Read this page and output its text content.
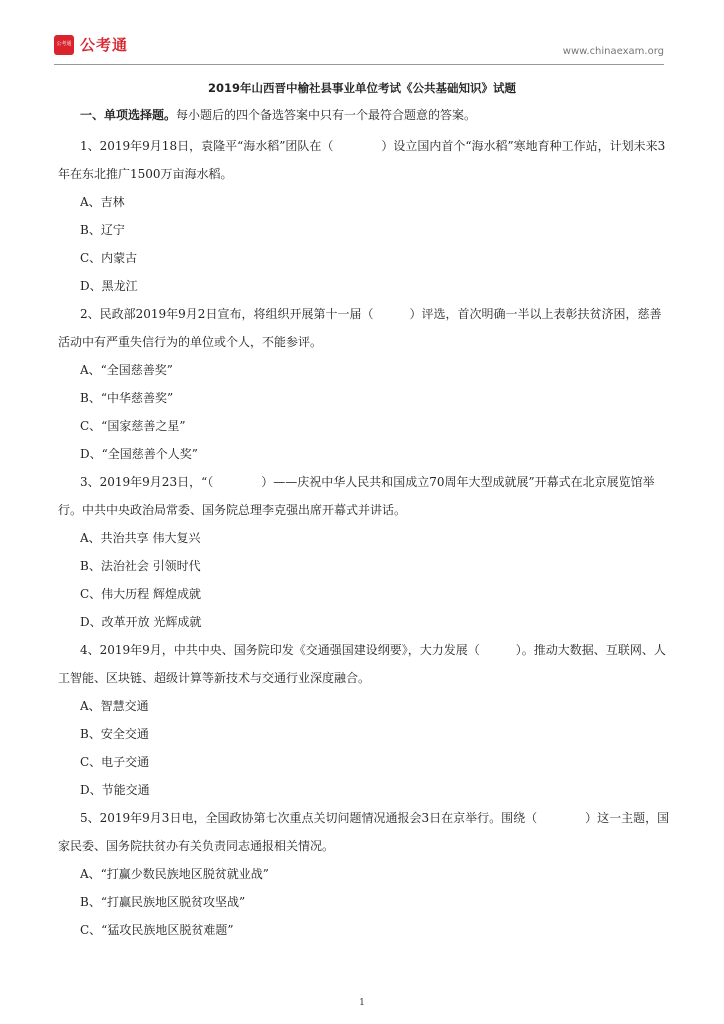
公考通 公考通	www.chinaexam.org
2019年山西晋中榆社县事业单位考试《公共基础知识》试题

一、单项选择题。每小题后的四个备选答案中只有一个最符合题意的答案。

1、2019年9月18日，袁隆平“海水稻”团队在（　　　　）设立国内首个“海水稻”寒地育种工作站，计划未来3年在东北推广1500万亩海水稻。

A、吉林

B、辽宁

C、内蒙古

D、黑龙江

2、民政部2019年9月2日宣布，将组织开展第十一届（　　　）评选，首次明确一半以上表彰扶贫济困，慈善活动中有严重失信行为的单位或个人，不能参评。

A、“全国慈善奖”

B、“中华慈善奖”

C、“国家慈善之星”

D、“全国慈善个人奖”

3、2019年9月23日，“（　　　　）——庆祝中华人民共和国成立70周年大型成就展”开幕式在北京展览馆举行。中共中央政治局常委、国务院总理李克强出席开幕式并讲话。

A、共治共享 伟大复兴

B、法治社会 引领时代

C、伟大历程 辉煌成就

D、改革开放 光辉成就

4、2019年9月，中共中央、国务院印发《交通强国建设纲要》，大力发展（　　　）。推动大数据、互联网、人工智能、区块链、超级计算等新技术与交通行业深度融合。

A、智慧交通

B、安全交通

C、电子交通

D、节能交通

5、2019年9月3日电，全国政协第七次重点关切问题情况通报会3日在京举行。围绕（　　　　）这一主题，国家民委、国务院扶贫办有关负责同志通报相关情况。

A、“打赢少数民族地区脱贫就业战”

B、“打赢民族地区脱贫攻坚战”

C、“猛攻民族地区脱贫难题”

1
